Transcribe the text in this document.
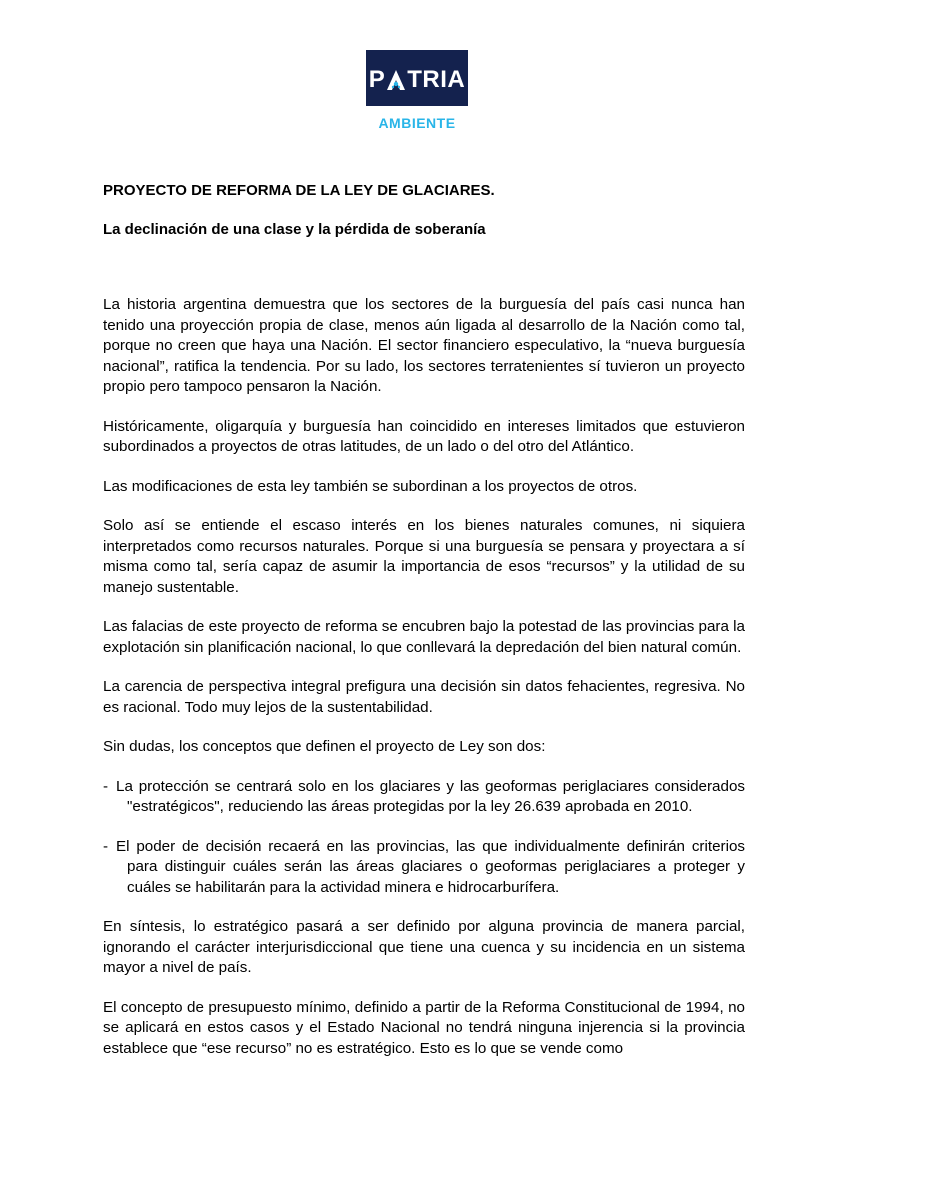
P TRIA
AMBIENTE
PROYECTO DE REFORMA DE LA LEY DE GLACIARES.
La declinación de una clase y la pérdida de soberanía

La historia argentina demuestra que los sectores de la burguesía del país casi nunca han tenido una proyección propia de clase, menos aún ligada al desarrollo de la Nación como tal, porque no creen que haya una Nación. El sector financiero especulativo, la “nueva burguesía nacional”, ratifica la tendencia. Por su lado, los sectores terratenientes sí tuvieron un proyecto propio pero tampoco pensaron la Nación.

Históricamente, oligarquía y burguesía han coincidido en intereses limitados que estuvieron subordinados a proyectos de otras latitudes, de un lado o del otro del Atlántico.

Las modificaciones de esta ley también se subordinan a los proyectos de otros.

Solo así se entiende el escaso interés en los bienes naturales comunes, ni siquiera interpretados como recursos naturales. Porque si una burguesía se pensara y proyectara a sí misma como tal, sería capaz de asumir la importancia de esos “recursos” y la utilidad de su manejo sustentable.

Las falacias de este proyecto de reforma se encubren bajo la potestad de las provincias para la explotación sin planificación nacional, lo que conllevará la depredación del bien natural común.

La carencia de perspectiva integral prefigura una decisión sin datos fehacientes, regresiva. No es racional. Todo muy lejos de la sustentabilidad.

Sin dudas, los conceptos que definen el proyecto de Ley son dos:

- La protección se centrará solo en los glaciares y las geoformas periglaciares considerados "estratégicos", reduciendo las áreas protegidas por la ley 26.639 aprobada en 2010.
- El poder de decisión recaerá en las provincias, las que individualmente definirán criterios para distinguir cuáles serán las áreas glaciares o geoformas periglaciares a proteger y cuáles se habilitarán para la actividad minera e hidrocarburífera.

En síntesis, lo estratégico pasará a ser definido por alguna provincia de manera parcial, ignorando el carácter interjurisdiccional que tiene una cuenca y su incidencia en un sistema mayor a nivel de país.

El concepto de presupuesto mínimo, definido a partir de la Reforma Constitucional de 1994, no se aplicará en estos casos y el Estado Nacional no tendrá ninguna injerencia si la provincia establece que “ese recurso” no es estratégico. Esto es lo que se vende como
